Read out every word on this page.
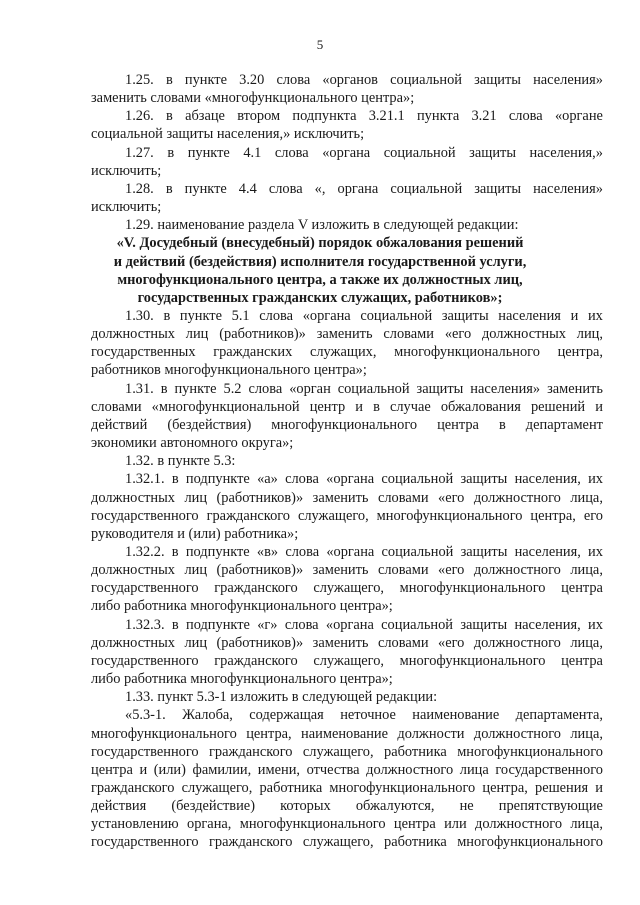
5
1.25. в пункте 3.20 слова «органов социальной защиты населения»
заменить словами «многофункционального центра»;
1.26. в абзаце втором подпункта 3.21.1 пункта 3.21 слова «органе
социальной защиты населения,» исключить;
1.27. в пункте 4.1 слова «органа социальной защиты населения,»
исключить;
1.28. в пункте 4.4 слова «, органа социальной защиты населения»
исключить;
1.29. наименование раздела V изложить в следующей редакции:
«V. Досудебный (внесудебный) порядок обжалования решений
и действий (бездействия) исполнителя государственной услуги,
многофункционального центра, а также их должностных лиц,
государственных гражданских служащих, работников»;
1.30. в пункте 5.1 слова «органа социальной защиты населения и их
должностных лиц (работников)» заменить словами «его должностных лиц,
государственных гражданских служащих, многофункционального центра,
работников многофункционального центра»;
1.31. в пункте 5.2 слова «орган социальной защиты населения» заменить
словами «многофункциональной центр и в случае обжалования решений и
действий (бездействия) многофункционального центра в департамент
экономики автономного округа»;
1.32. в пункте 5.3:
1.32.1. в подпункте «а» слова «органа социальной защиты населения, их
должностных лиц (работников)» заменить словами «его должностного лица,
государственного гражданского служащего, многофункционального центра, его
руководителя и (или) работника»;
1.32.2. в подпункте «в» слова «органа социальной защиты населения, их
должностных лиц (работников)» заменить словами «его должностного лица,
государственного гражданского служащего, многофункционального центра
либо работника многофункционального центра»;
1.32.3. в подпункте «г» слова «органа социальной защиты населения, их
должностных лиц (работников)» заменить словами «его должностного лица,
государственного гражданского служащего, многофункционального центра
либо работника многофункционального центра»;
1.33. пункт 5.3-1 изложить в следующей редакции:
«5.3-1. Жалоба, содержащая неточное наименование департамента,
многофункционального центра, наименование должности должностного лица,
государственного гражданского служащего, работника многофункционального
центра и (или) фамилии, имени, отчества должностного лица государственного
гражданского служащего, работника многофункционального центра, решения и
действия (бездействие) которых обжалуются, не препятствующие
установлению органа, многофункционального центра или должностного лица,
государственного гражданского служащего, работника многофункционального
